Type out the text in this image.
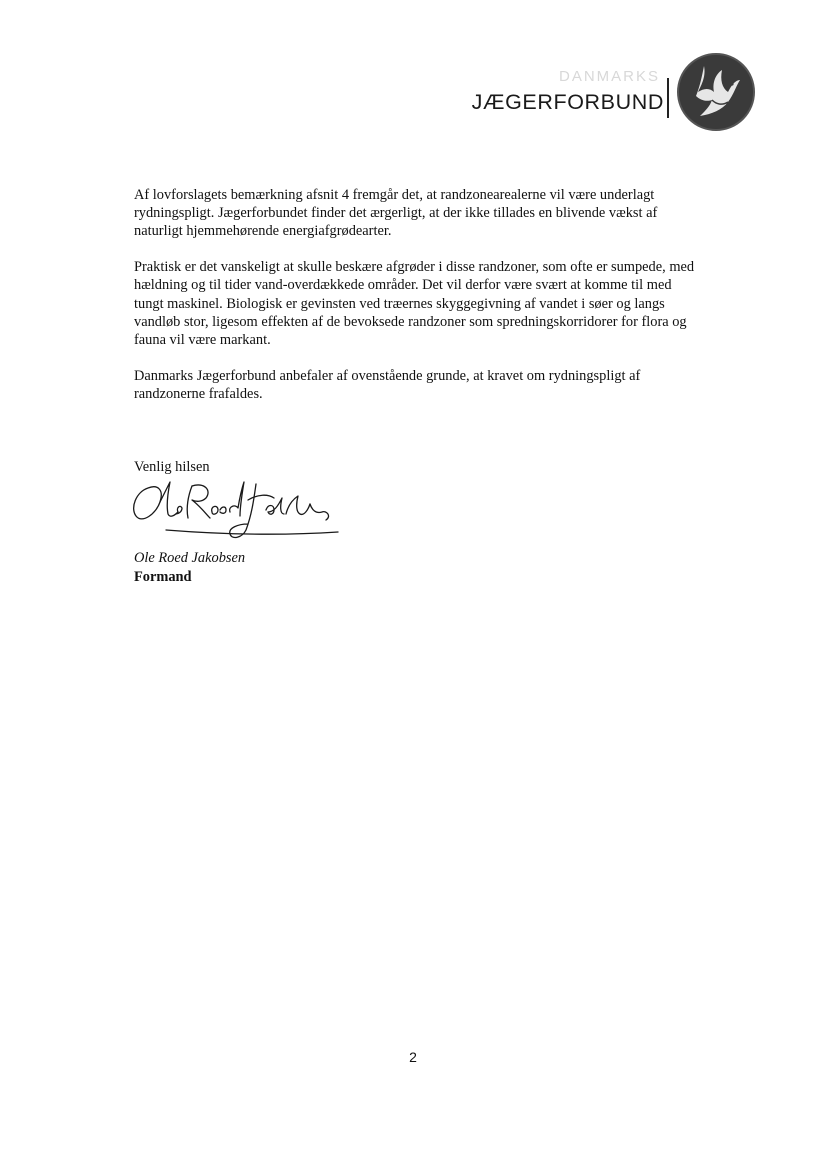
DANMARKS
JÆGERFORBUND

Af lovforslagets bemærkning afsnit 4 fremgår det, at randzonearealerne vil være underlagt rydningspligt. Jægerforbundet finder det ærgerligt, at der ikke tillades en blivende vækst af naturligt hjemmehørende energiafgrødearter.

Praktisk er det vanskeligt at skulle beskære afgrøder i disse randzoner, som ofte er sumpede, med hældning og til tider vand-overdækkede områder. Det vil derfor være svært at komme til med tungt maskinel. Biologisk er gevinsten ved træernes skyggegivning af vandet i søer og langs vandløb stor, ligesom effekten af de bevoksede randzoner som spredningskorridorer for flora og fauna vil være markant.

Danmarks Jægerforbund anbefaler af ovenstående grunde, at kravet om rydningspligt af randzonerne frafaldes.

Venlig hilsen
Ole Roed Jakobsen
Formand
2
